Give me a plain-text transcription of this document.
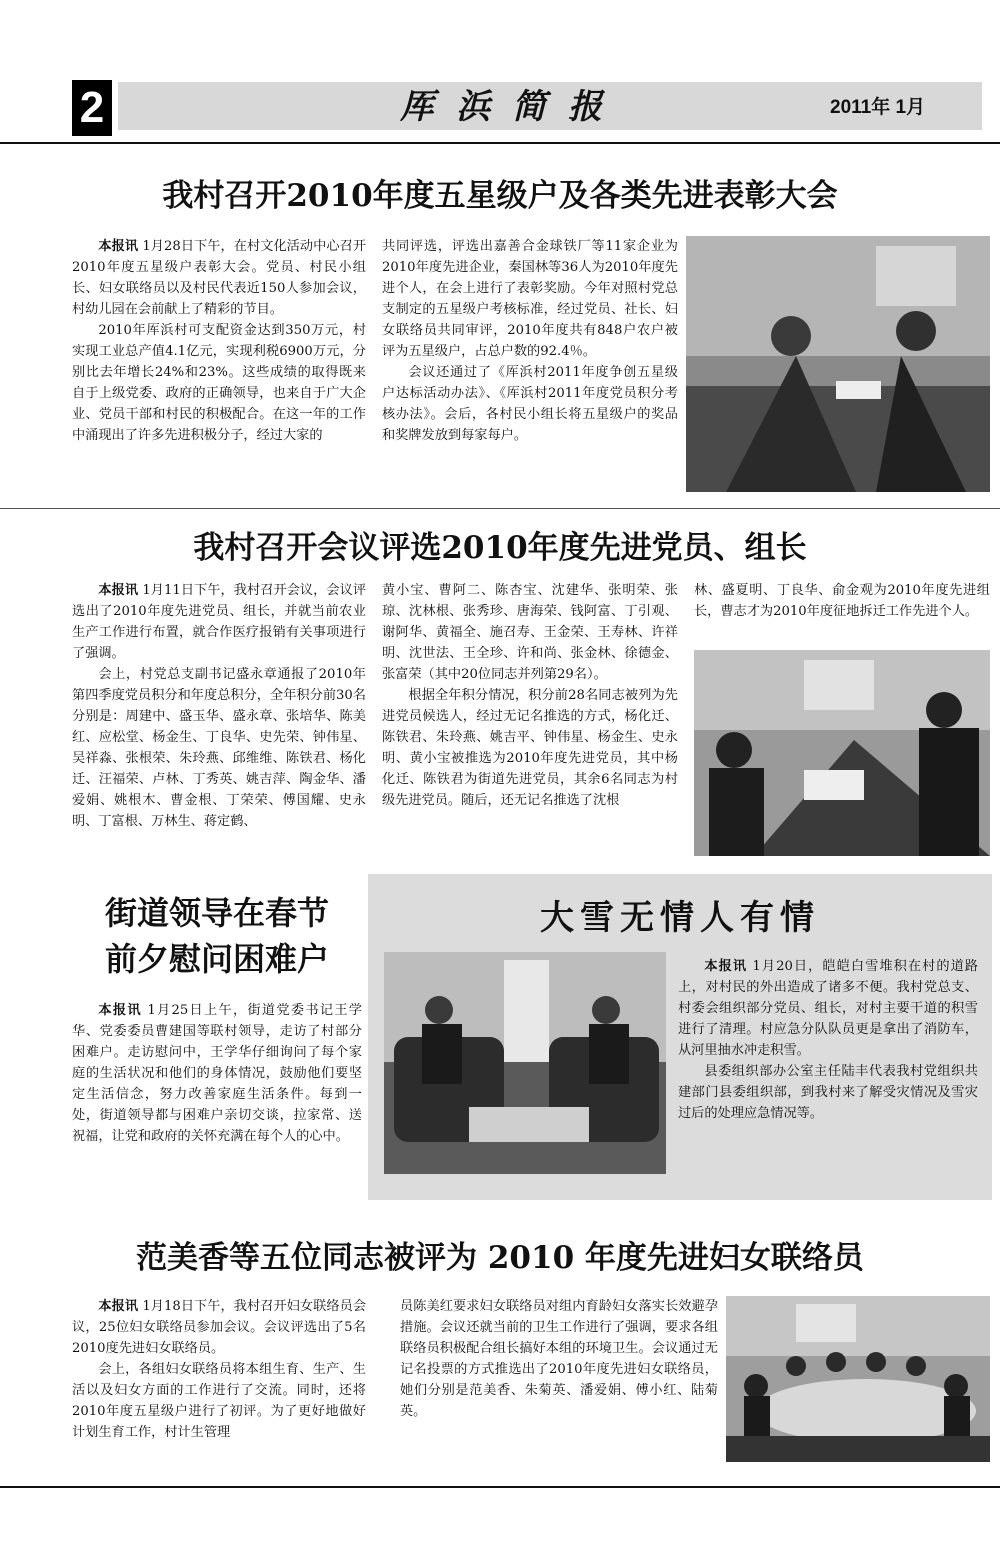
2	厍浜简报	2011年 1月
我村召开2010年度五星级户及各类先进表彰大会

本报讯 1月28日下午，在村文化活动中心召开2010年度五星级户表彰大会。党员、村民小组长、妇女联络员以及村民代表近150人参加会议，村幼儿园在会前献上了精彩的节目。

2010年厍浜村可支配资金达到350万元，村实现工业总产值4.1亿元，实现利税6900万元，分别比去年增长24%和23%。这些成绩的取得既来自于上级党委、政府的正确领导，也来自于广大企业、党员干部和村民的积极配合。在这一年的工作中涌现出了许多先进积极分子，经过大家的

共同评选，评选出嘉善合金球铁厂等11家企业为2010年度先进企业，秦国林等36人为2010年度先进个人，在会上进行了表彰奖励。今年对照村党总支制定的五星级户考核标准，经过党员、社长、妇女联络员共同审评，2010年度共有848户农户被评为五星级户，占总户数的92.4％。

会议还通过了《厍浜村2011年度争创五星级户达标活动办法》、《厍浜村2011年度党员积分考核办法》。会后，各村民小组长将五星级户的奖品和奖牌发放到每家每户。

我村召开会议评选2010年度先进党员、组长

本报讯 1月11日下午，我村召开会议，会议评选出了2010年度先进党员、组长，并就当前农业生产工作进行布置，就合作医疗报销有关事项进行了强调。

会上，村党总支副书记盛永章通报了2010年第四季度党员积分和年度总积分，全年积分前30名分别是：周建中、盛玉华、盛永章、张培华、陈美红、应松堂、杨金生、丁良华、史先荣、钟伟星、吴祥淼、张根荣、朱玲燕、邱维维、陈铁君、杨化迁、汪福荣、卢林、丁秀英、姚吉萍、陶金华、潘爱娟、姚根木、曹金根、丁荣荣、傅国耀、史永明、丁富根、万林生、蒋定鹤、

黄小宝、曹阿二、陈杏宝、沈建华、张明荣、张琼、沈林根、张秀珍、唐海荣、钱阿富、丁引观、谢阿华、黄福全、施召寿、王金荣、王寿林、许祥明、沈世法、王全珍、许和尚、张金林、徐德金、张富荣（其中20位同志并列第29名）。

根据全年积分情况，积分前28名同志被列为先进党员候选人，经过无记名推选的方式，杨化迁、陈铁君、朱玲燕、姚吉平、钟伟星、杨金生、史永明、黄小宝被推选为2010年度先进党员，其中杨化迁、陈铁君为街道先进党员，其余6名同志为村级先进党员。随后，还无记名推选了沈根

林、盛夏明、丁良华、俞金观为2010年度先进组长，曹志才为2010年度征地拆迁工作先进个人。

街道领导在春节
前夕慰问困难户

本报讯 1月25日上午，街道党委书记王学华、党委委员曹建国等联村领导，走访了村部分困难户。走访慰问中，王学华仔细询问了每个家庭的生活状况和他们的身体情况，鼓励他们要坚定生活信念，努力改善家庭生活条件。每到一处，街道领导都与困难户亲切交谈，拉家常、送祝福，让党和政府的关怀充满在每个人的心中。

大雪无情人有情

本报讯 1月20日，皑皑白雪堆积在村的道路上，对村民的外出造成了诸多不便。我村党总支、村委会组织部分党员、组长，对村主要干道的积雪进行了清理。村应急分队队员更是拿出了消防车，从河里抽水冲走积雪。

县委组织部办公室主任陆丰代表我村党组织共建部门县委组织部，到我村来了解受灾情况及雪灾过后的处理应急情况等。

范美香等五位同志被评为 2010 年度先进妇女联络员

本报讯 1月18日下午，我村召开妇女联络员会议，25位妇女联络员参加会议。会议评选出了5名2010度先进妇女联络员。

会上，各组妇女联络员将本组生育、生产、生活以及妇女方面的工作进行了交流。同时，还将2010年度五星级户进行了初评。为了更好地做好计划生育工作，村计生管理

员陈美红要求妇女联络员对组内育龄妇女落实长效避孕措施。会议还就当前的卫生工作进行了强调，要求各组联络员积极配合组长搞好本组的环境卫生。会议通过无记名投票的方式推选出了2010年度先进妇女联络员，她们分别是范美香、朱菊英、潘爱娟、傅小红、陆菊英。
